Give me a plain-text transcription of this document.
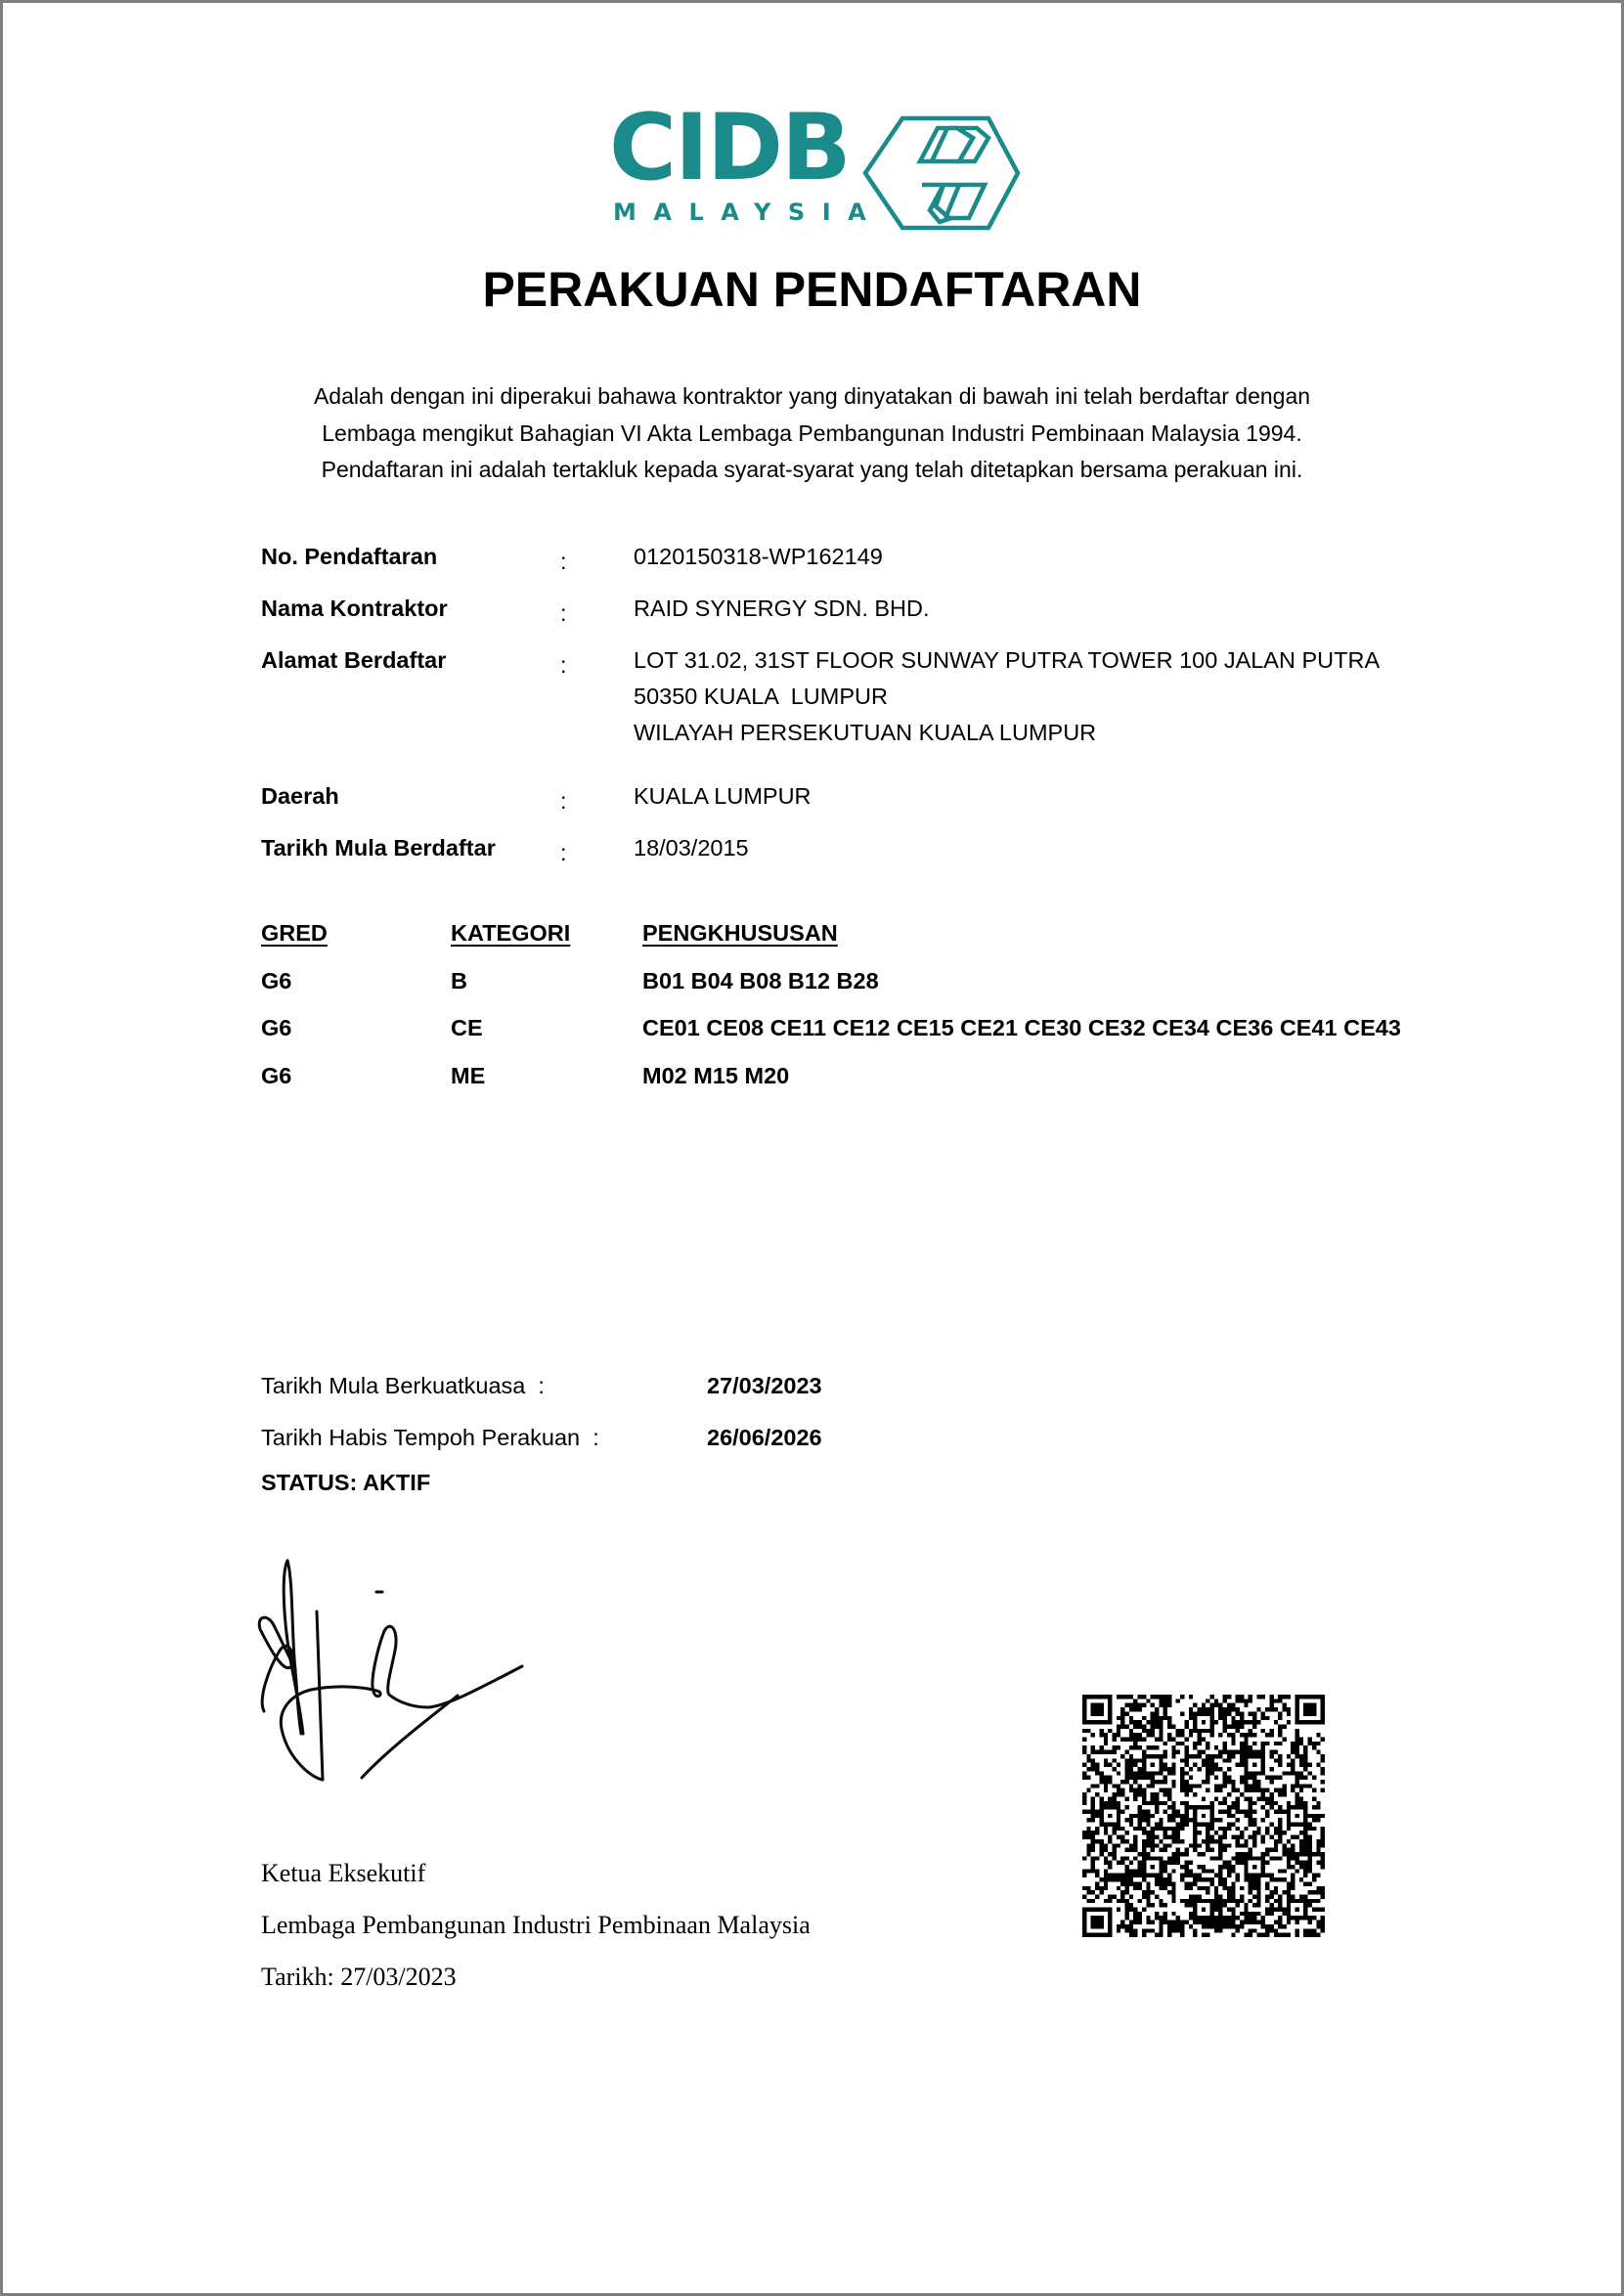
CIDB
MALAYSIA
PERAKUAN PENDAFTARAN
Adalah dengan ini diperakui bahawa kontraktor yang dinyatakan di bawah ini telah berdaftar dengan
Lembaga mengikut Bahagian VI Akta Lembaga Pembangunan Industri Pembinaan Malaysia 1994.
Pendaftaran ini adalah tertakluk kepada syarat-syarat yang telah ditetapkan bersama perakuan ini.
No. Pendaftaran	:	0120150318-WP162149
Nama Kontraktor	:	RAID SYNERGY SDN. BHD.
Alamat Berdaftar	:	LOT 31.02, 31ST FLOOR SUNWAY PUTRA TOWER 100 JALAN PUTRA
50350 KUALA  LUMPUR
WILAYAH PERSEKUTUAN KUALA LUMPUR
Daerah	:	KUALA LUMPUR
Tarikh Mula Berdaftar	:	18/03/2015
GRED	KATEGORI	PENGKHUSUSAN
G6	B	B01 B04 B08 B12 B28
G6	CE	CE01 CE08 CE11 CE12 CE15 CE21 CE30 CE32 CE34 CE36 CE41 CE43
G6	ME	M02 M15 M20
Tarikh Mula Berkuatkuasa  :	27/03/2023
Tarikh Habis Tempoh Perakuan  :	26/06/2026
STATUS: AKTIF
Ketua Eksekutif
Lembaga Pembangunan Industri Pembinaan Malaysia
Tarikh: 27/03/2023
